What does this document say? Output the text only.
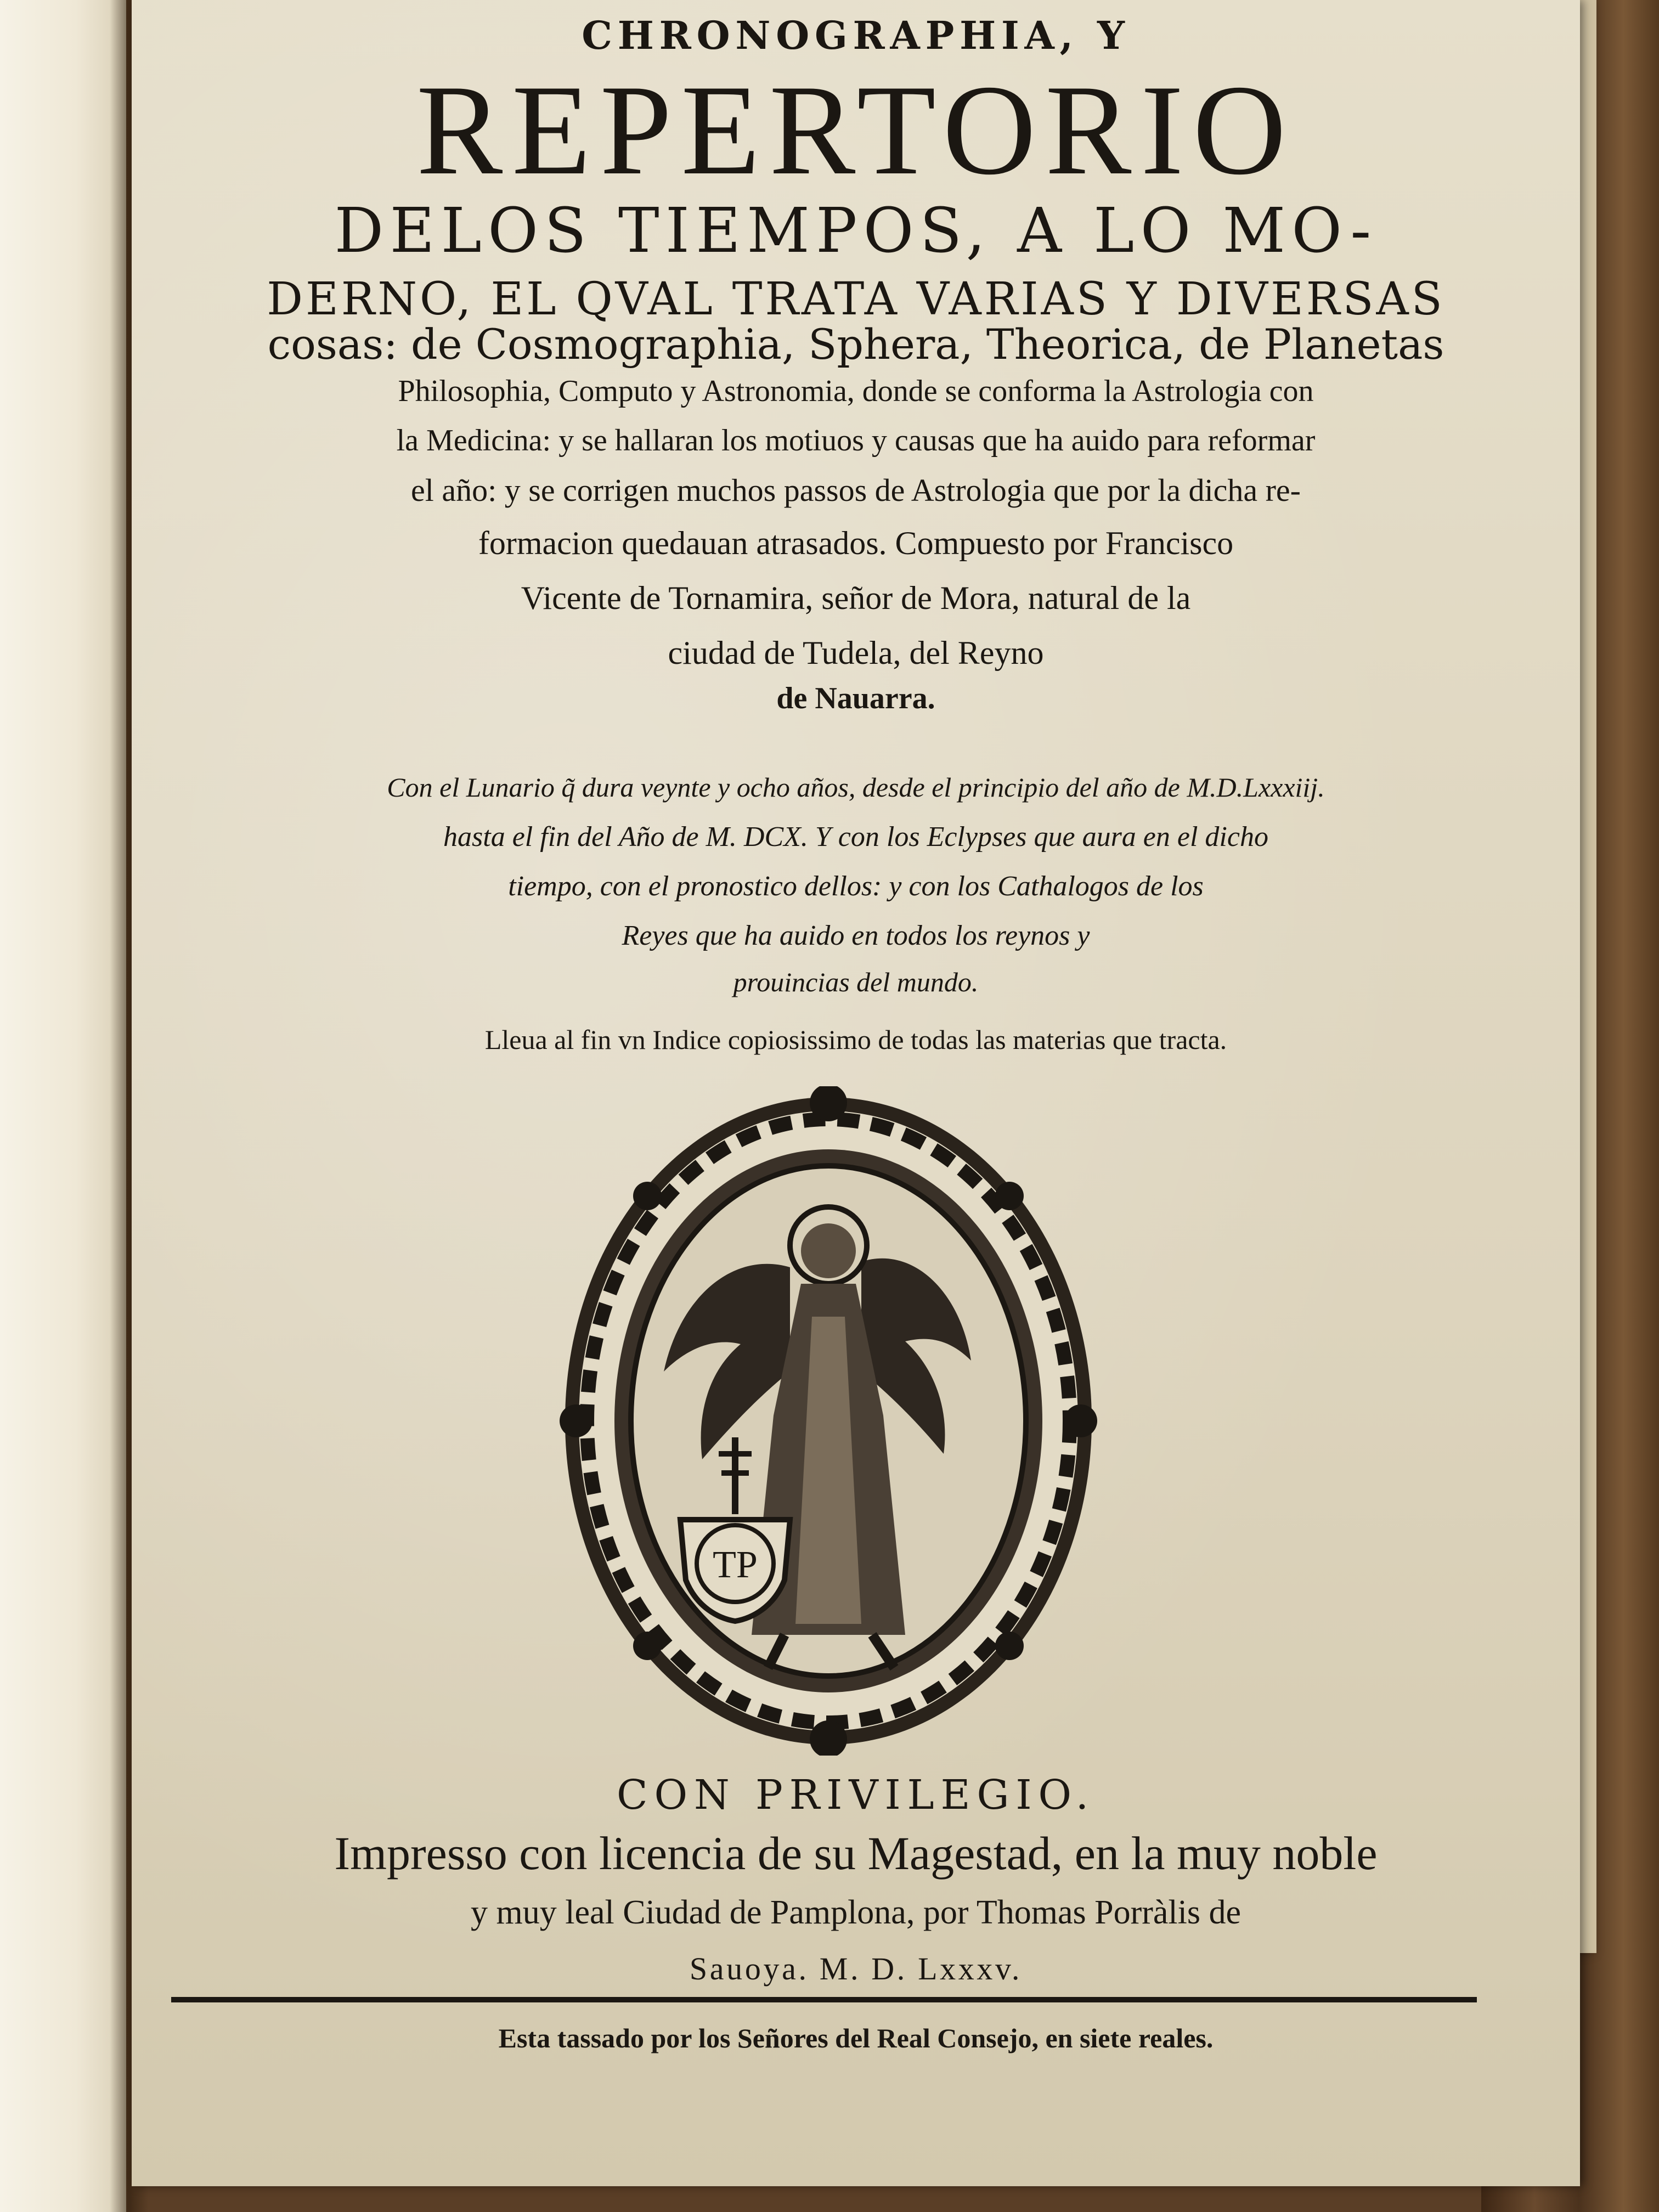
CHRONOGRAPHIA, Y
REPERTORIO
DELOS TIEMPOS, A LO MO-
DERNO, EL QVAL TRATA VARIAS Y DIVERSAS
cosas: de Cosmographia, Sphera, Theorica, de Planetas
Philosophia, Computo y Astronomia, donde se conforma la Astrologia con
la Medicina: y se hallaran los motiuos y causas que ha auido para reformar
el año: y se corrigen muchos passos de Astrologia que por la dicha re-
formacion quedauan atrasados. Compuesto por Francisco
Vicente de Tornamira, señor de Mora, natural de la
ciudad de Tudela, del Reyno
de Nauarra.
Con el Lunario q̃ dura veynte y ocho años, desde el principio del año de M.D.Lxxxiij.
hasta el fin del Año de M. DCX. Y con los Eclypses que aura en el dicho
tiempo, con el pronostico dellos: y con los Cathalogos de los
Reyes que ha auido en todos los reynos y
prouincias del mundo.
Lleua al fin vn Indice copiosissimo de todas las materias que tracta.
TP
CON PRIVILEGIO.
Impresso con licencia de su Magestad, en la muy noble
y muy leal Ciudad de Pamplona, por Thomas Porràlis de
Sauoya. M. D. Lxxxv.
Esta tassado por los Señores del Real Consejo, en siete reales.
